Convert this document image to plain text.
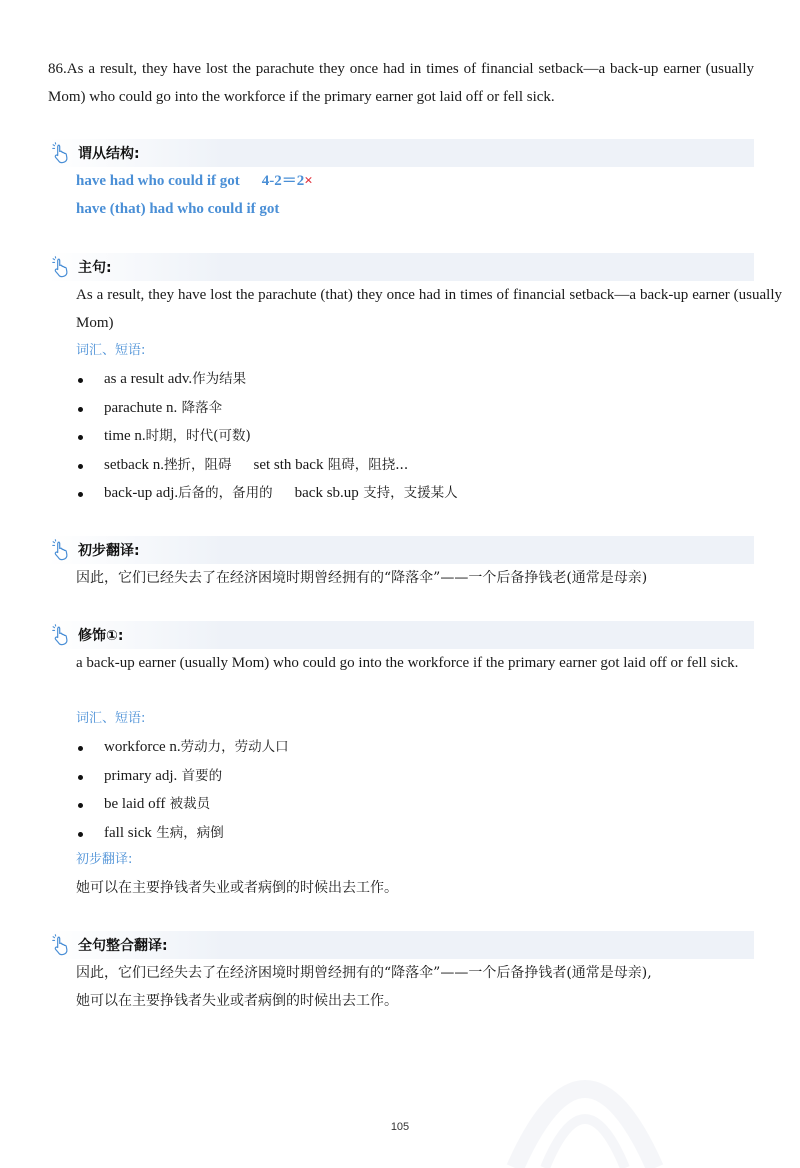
86.As a result, they have lost the parachute they once had in times of financial setback—a back-up earner (usually Mom) who could go into the workforce if the primary earner got laid off or fell sick.

谓从结构:

have had who could if got 4-2＝2×

have (that) had who could if got

主句:

As a result, they have lost the parachute (that) they once had in times of financial setback—a back-up earner (usually Mom)

词汇、短语:

as a result adv.作为结果
parachute n. 降落伞
time n.时期，时代(可数)
setback n.挫折，阻碍 set sth back 阻碍，阻挠...
back-up adj.后备的，备用的 back sb.up 支持，支援某人
初步翻译:

因此，它们已经失去了在经济困境时期曾经拥有的“降落伞”——一个后备挣钱老(通常是母亲)

修饰①:

a back-up earner (usually Mom) who could go into the workforce if the primary earner got laid off or fell sick.

词汇、短语:

workforce n.劳动力，劳动人口
primary adj. 首要的
be laid off 被裁员
fall sick 生病，病倒

初步翻译:

她可以在主要挣钱者失业或者病倒的时候出去工作。

全句整合翻译:

因此，它们已经失去了在经济困境时期曾经拥有的“降落伞”——一个后备挣钱者(通常是母亲),

她可以在主要挣钱者失业或者病倒的时候出去工作。

105
